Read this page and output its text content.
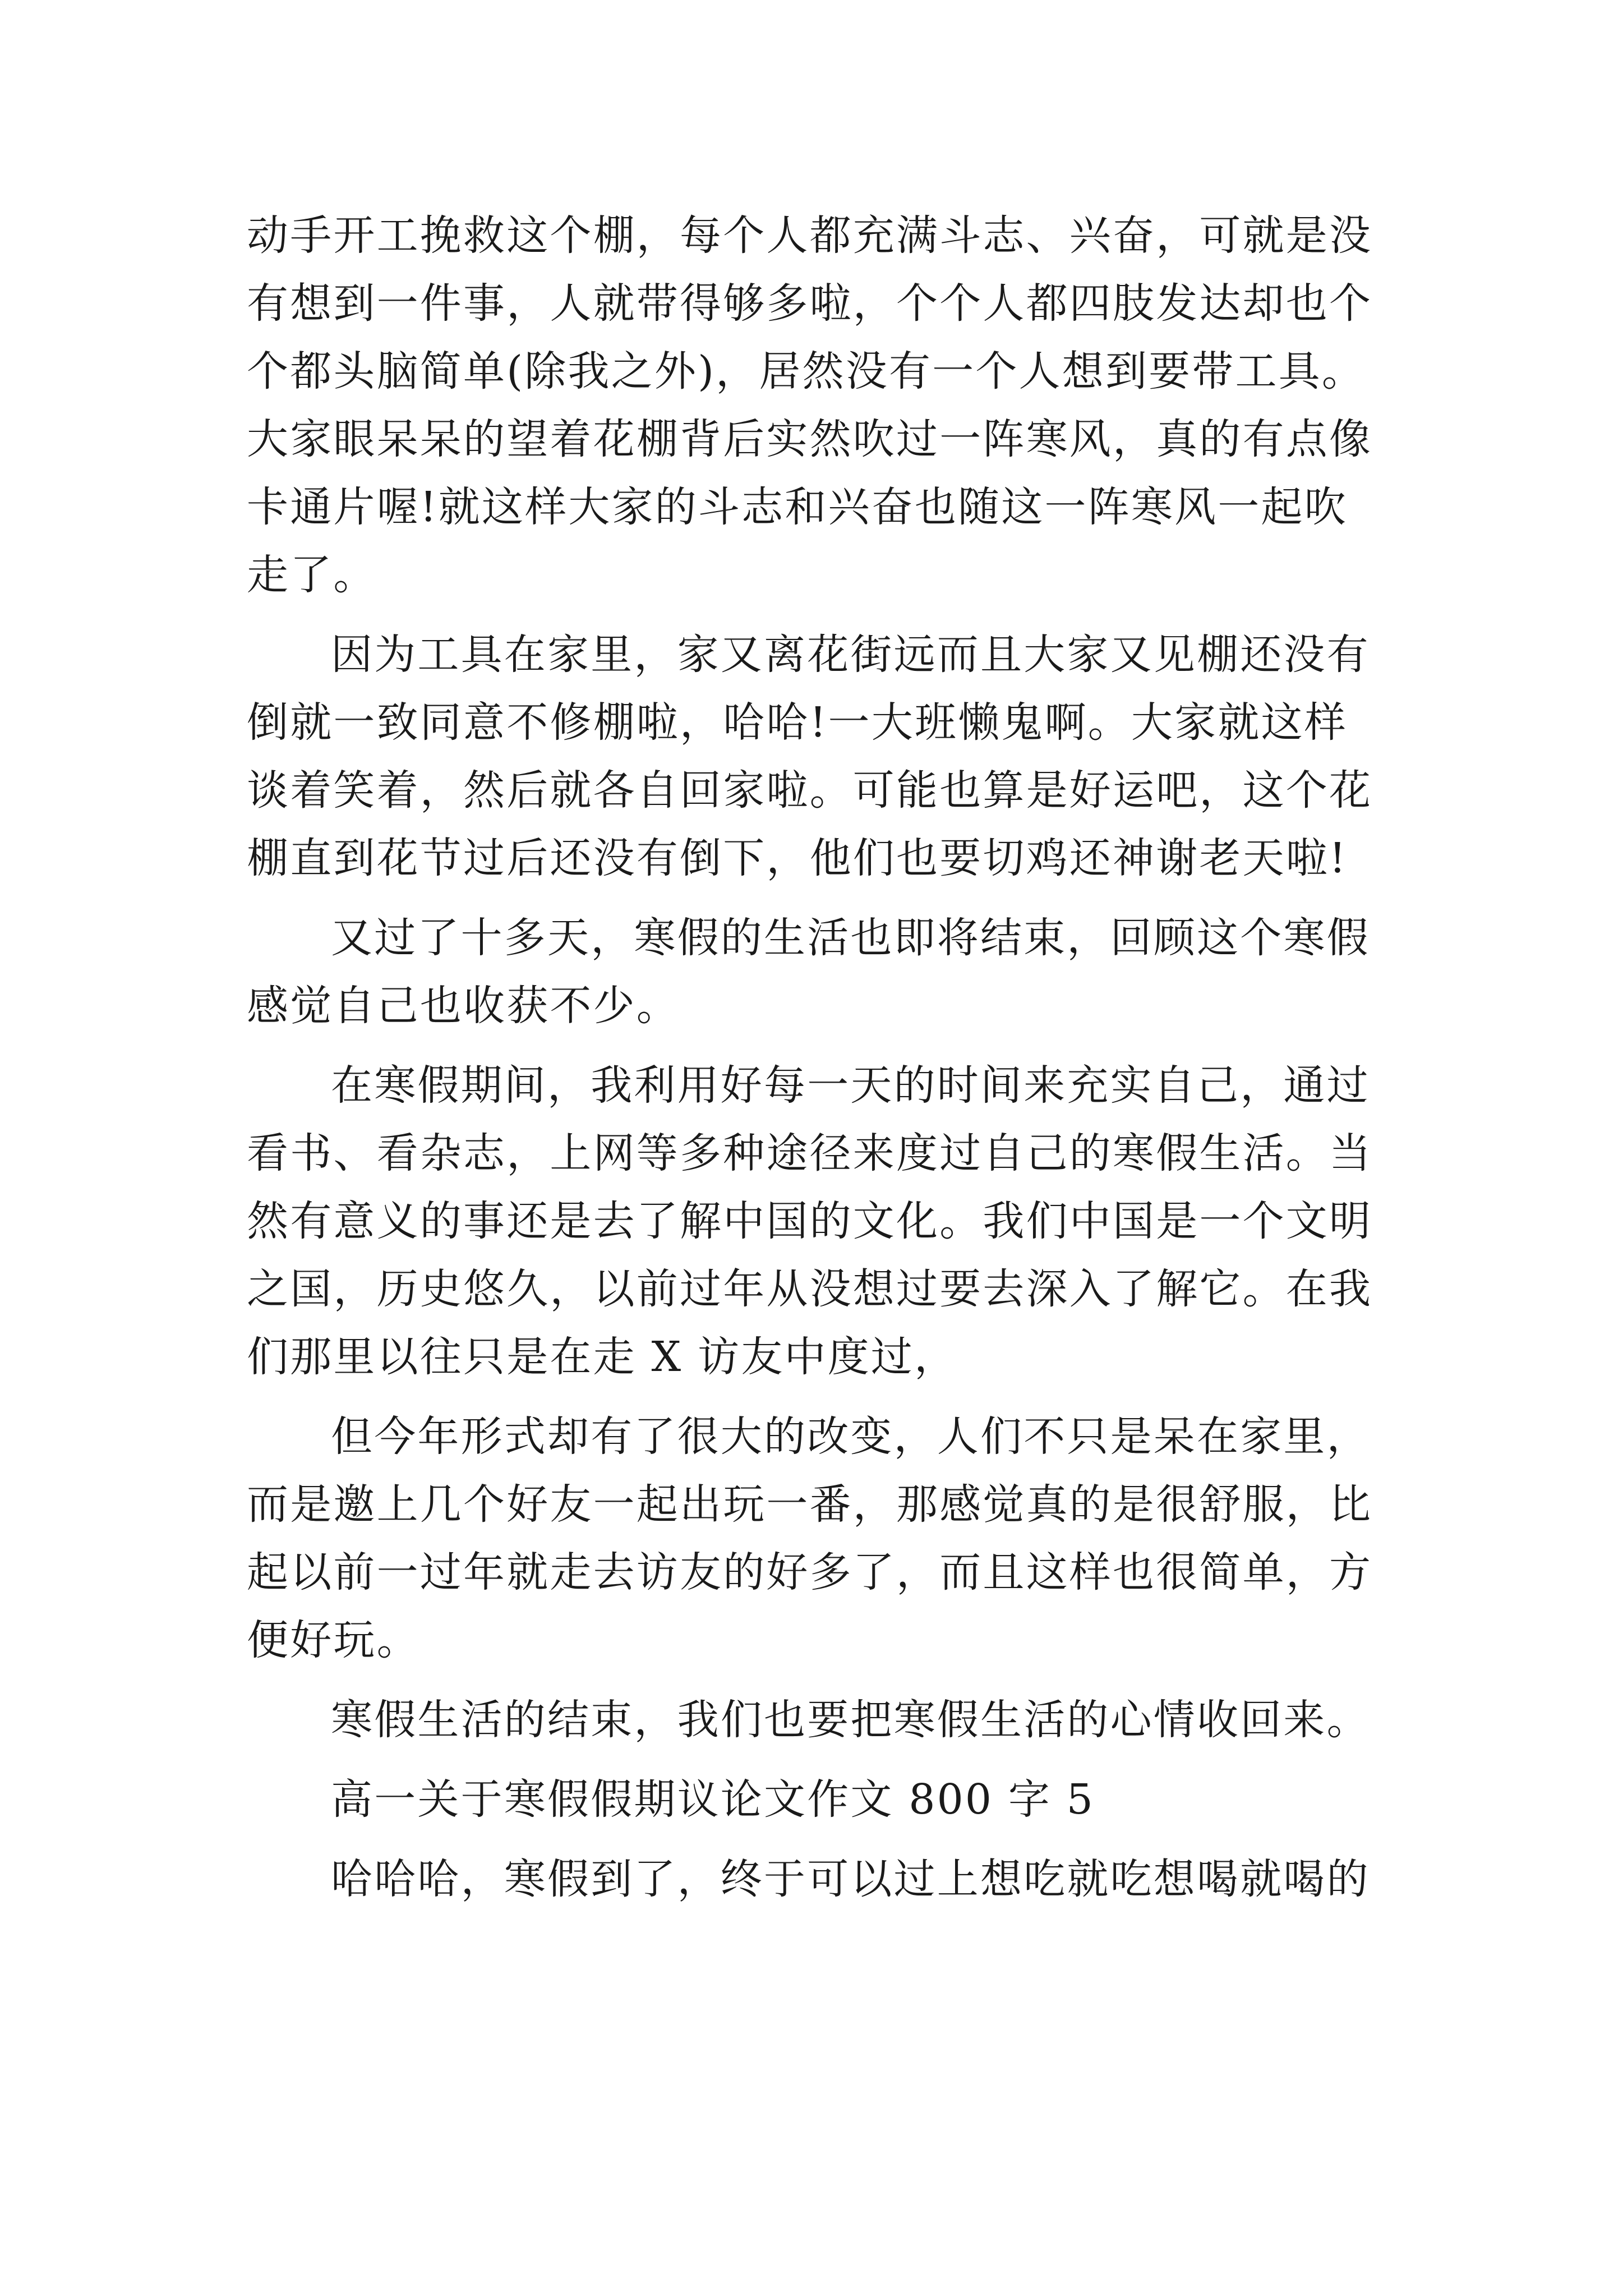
动手开工挽救这个棚，每个人都充满斗志、兴奋，可就是没
有想到一件事，人就带得够多啦，个个人都四肢发达却也个
个都头脑简单(除我之外)，居然没有一个人想到要带工具。
大家眼呆呆的望着花棚背后实然吹过一阵寒风，真的有点像
卡通片喔!就这样大家的斗志和兴奋也随这一阵寒风一起吹
走了。
因为工具在家里，家又离花街远而且大家又见棚还没有
倒就一致同意不修棚啦，哈哈!一大班懒鬼啊。大家就这样
谈着笑着，然后就各自回家啦。可能也算是好运吧，这个花
棚直到花节过后还没有倒下，他们也要切鸡还神谢老天啦!
又过了十多天，寒假的生活也即将结束，回顾这个寒假
感觉自己也收获不少。
在寒假期间，我利用好每一天的时间来充实自己，通过
看书、看杂志，上网等多种途径来度过自己的寒假生活。当
然有意义的事还是去了解中国的文化。我们中国是一个文明
之国，历史悠久，以前过年从没想过要去深入了解它。在我
们那里以往只是在走 X 访友中度过，
但今年形式却有了很大的改变，人们不只是呆在家里，
而是邀上几个好友一起出玩一番，那感觉真的是很舒服，比
起以前一过年就走去访友的好多了，而且这样也很简单，方
便好玩。
寒假生活的结束，我们也要把寒假生活的心情收回来。
高一关于寒假假期议论文作文 800 字 5
哈哈哈，寒假到了，终于可以过上想吃就吃想喝就喝的
